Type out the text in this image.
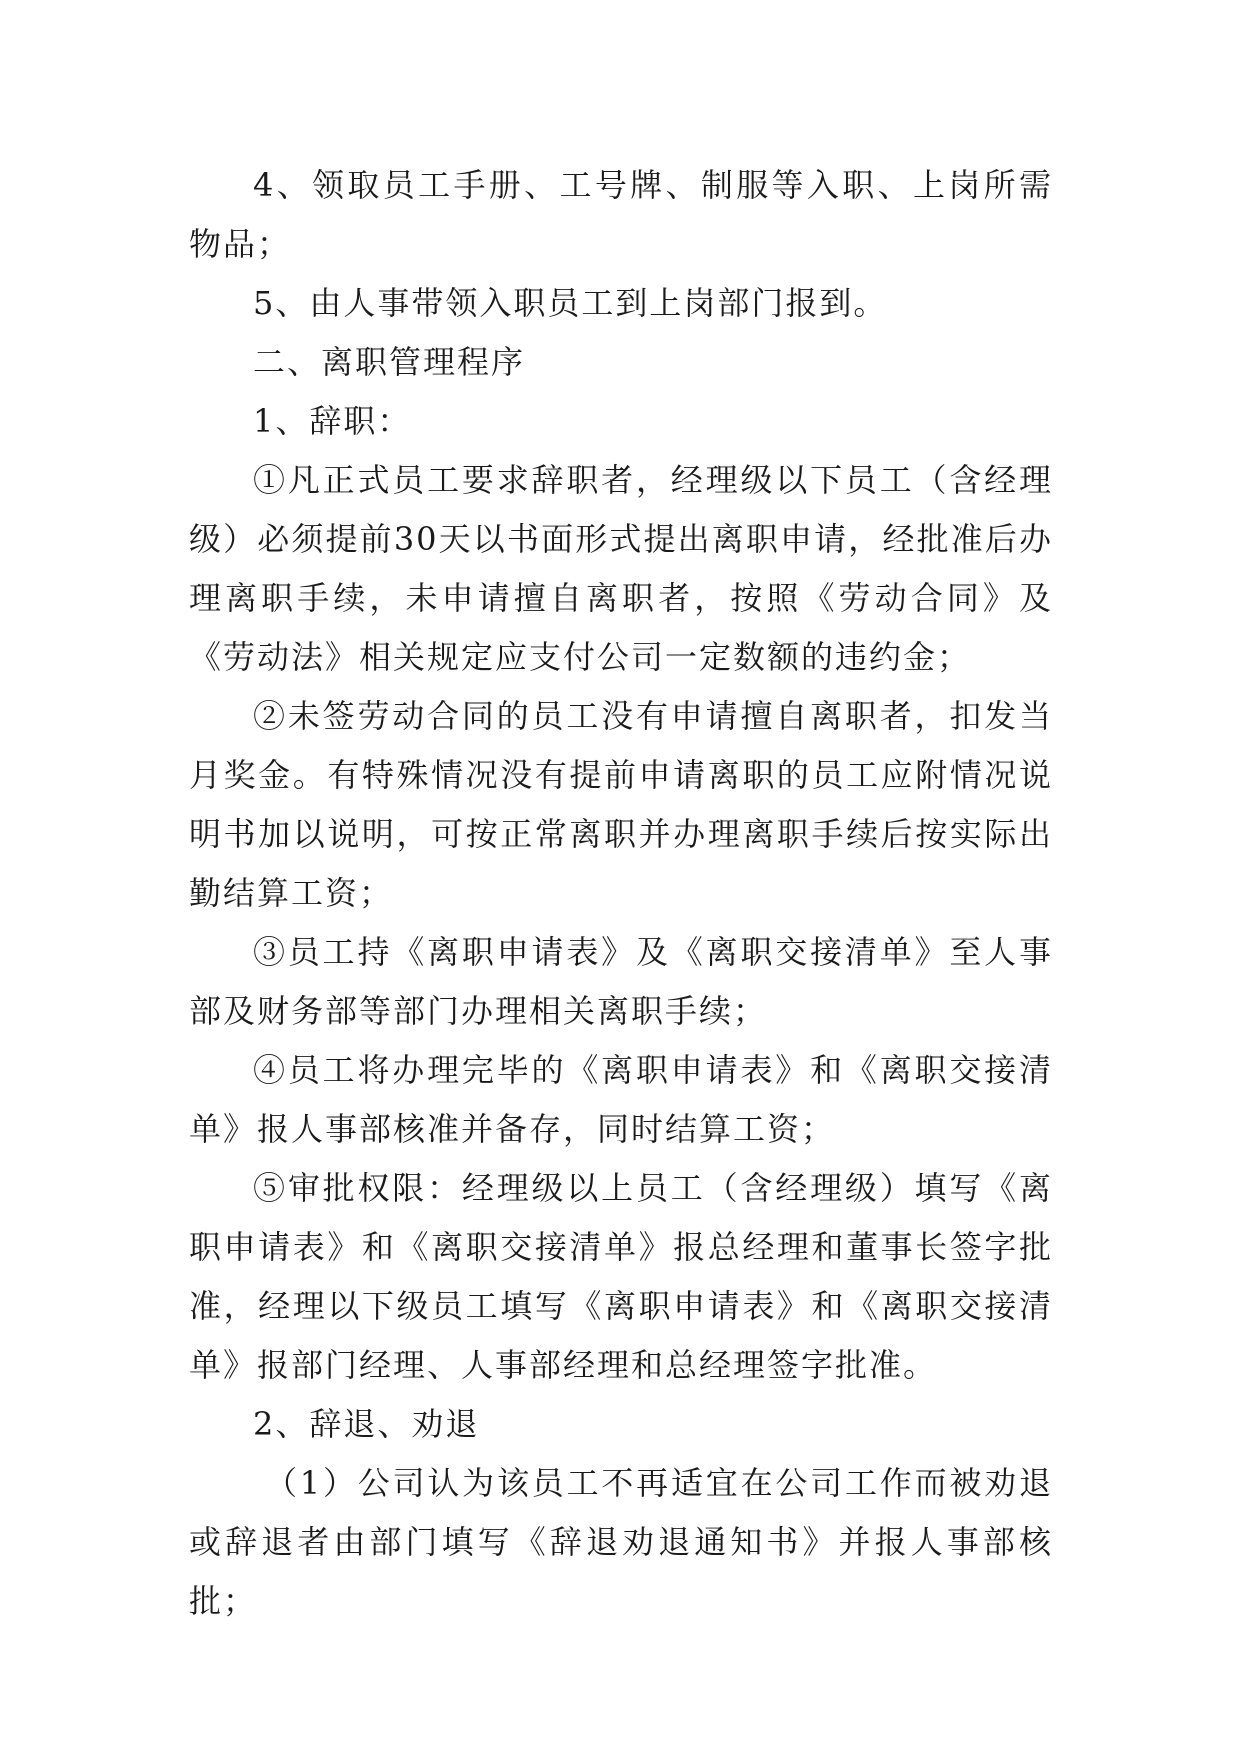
4、领取员工手册、工号牌、制服等入职、上岗所需物品；

5、由人事带领入职员工到上岗部门报到。

二、离职管理程序

1、辞职：

①凡正式员工要求辞职者，经理级以下员工（含经理级）必须提前30天以书面形式提出离职申请，经批准后办理离职手续，未申请擅自离职者，按照《劳动合同》及《劳动法》相关规定应支付公司一定数额的违约金；

②未签劳动合同的员工没有申请擅自离职者，扣发当月奖金。有特殊情况没有提前申请离职的员工应附情况说明书加以说明，可按正常离职并办理离职手续后按实际出勤结算工资；

③员工持《离职申请表》及《离职交接清单》至人事部及财务部等部门办理相关离职手续；

④员工将办理完毕的《离职申请表》和《离职交接清单》报人事部核准并备存，同时结算工资；

⑤审批权限：经理级以上员工（含经理级）填写《离职申请表》和《离职交接清单》报总经理和董事长签字批准，经理以下级员工填写《离职申请表》和《离职交接清单》报部门经理、人事部经理和总经理签字批准。

2、辞退、劝退

（1）公司认为该员工不再适宜在公司工作而被劝退或辞退者由部门填写《辞退劝退通知书》并报人事部核批；
